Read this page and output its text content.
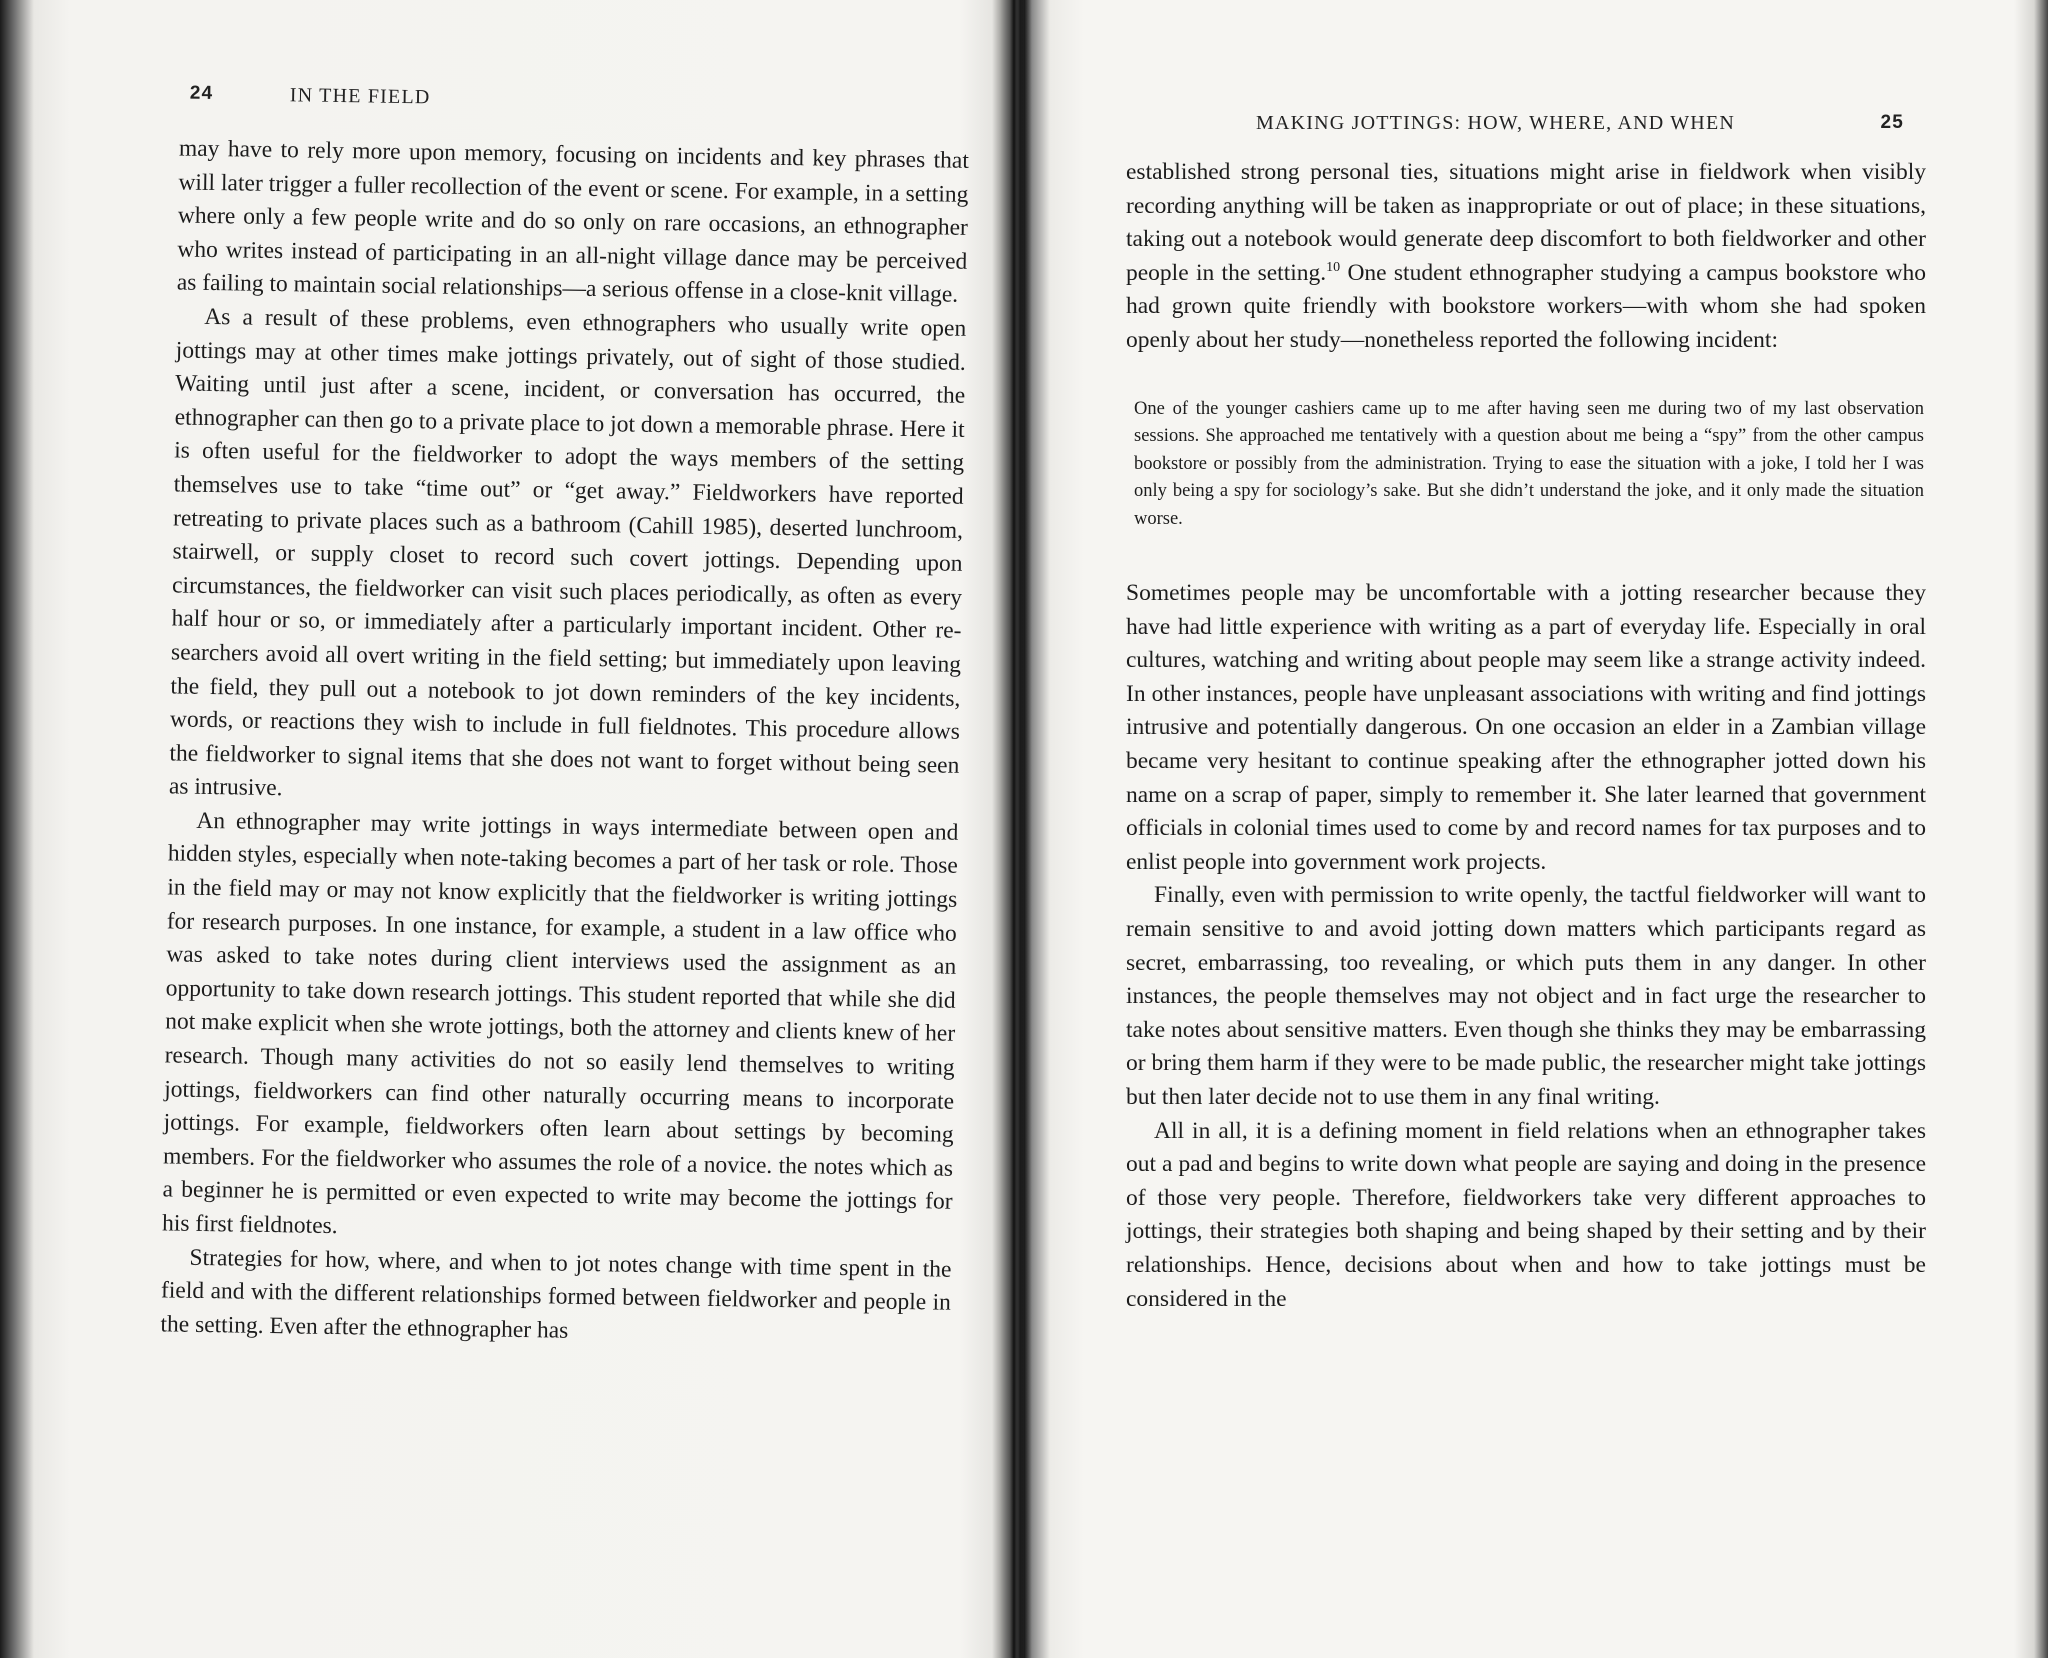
24	IN THE FIELD

may have to rely more upon memory, focusing on incidents and key phrases that will later trigger a fuller recollection of the event or scene. For example, in a setting where only a few people write and do so only on rare occasions, an ethnographer who writes instead of participating in an all-night village dance may be perceived as failing to maintain social relationships—a serious offense in a close-knit village.

As a result of these problems, even ethnographers who usually write open jottings may at other times make jottings privately, out of sight of those studied. Waiting until just after a scene, incident, or conversation has occurred, the ethnographer can then go to a private place to jot down a memorable phrase. Here it is often useful for the fieldworker to adopt the ways members of the setting themselves use to take “time out” or “get away.” Fieldworkers have reported retreating to private places such as a bathroom (Cahill 1985), deserted lunchroom, stairwell, or supply closet to record such covert jottings. Depending upon circumstances, the fieldworker can visit such places periodically, as often as every half hour or so, or immediately after a particularly important incident. Other researchers avoid all overt writing in the field setting; but immediately upon leaving the field, they pull out a notebook to jot down reminders of the key incidents, words, or reactions they wish to include in full fieldnotes. This procedure allows the fieldworker to signal items that she does not want to forget without being seen as intrusive.

An ethnographer may write jottings in ways intermediate between open and hidden styles, especially when note-taking becomes a part of her task or role. Those in the field may or may not know explicitly that the fieldworker is writing jottings for research purposes. In one instance, for example, a student in a law office who was asked to take notes during client interviews used the assignment as an opportunity to take down research jottings. This student reported that while she did not make explicit when she wrote jottings, both the attorney and clients knew of her research. Though many activities do not so easily lend themselves to writing jottings, fieldworkers can find other naturally occurring means to incorporate jottings. For example, fieldworkers often learn about settings by becoming members. For the fieldworker who assumes the role of a novice. the notes which as a beginner he is permitted or even expected to write may become the jottings for his first fieldnotes.

Strategies for how, where, and when to jot notes change with time spent in the field and with the different relationships formed between fieldworker and people in the setting. Even after the ethnographer has

MAKING JOTTINGS: HOW, WHERE, AND WHEN	25

established strong personal ties, situations might arise in fieldwork when visibly recording anything will be taken as inappropriate or out of place; in these situations, taking out a notebook would generate deep discomfort to both fieldworker and other people in the setting.$^{10}$ One student ethnographer studying a campus bookstore who had grown quite friendly with bookstore workers—with whom she had spoken openly about her study—nonetheless reported the following incident:

One of the younger cashiers came up to me after having seen me during two of my last observation sessions. She approached me tentatively with a question about me being a “spy” from the other campus bookstore or possibly from the administration. Trying to ease the situation with a joke, I told her I was only being a spy for sociology’s sake. But she didn’t understand the joke, and it only made the situation worse.

Sometimes people may be uncomfortable with a jotting researcher because they have had little experience with writing as a part of everyday life. Especially in oral cultures, watching and writing about people may seem like a strange activity indeed. In other instances, people have unpleasant associations with writing and find jottings intrusive and potentially dangerous. On one occasion an elder in a Zambian village became very hesitant to continue speaking after the ethnographer jotted down his name on a scrap of paper, simply to remember it. She later learned that government officials in colonial times used to come by and record names for tax purposes and to enlist people into government work projects.

Finally, even with permission to write openly, the tactful fieldworker will want to remain sensitive to and avoid jotting down matters which participants regard as secret, embarrassing, too revealing, or which puts them in any danger. In other instances, the people themselves may not object and in fact urge the researcher to take notes about sensitive matters. Even though she thinks they may be embarrassing or bring them harm if they were to be made public, the researcher might take jottings but then later decide not to use them in any final writing.

All in all, it is a defining moment in field relations when an ethnographer takes out a pad and begins to write down what people are saying and doing in the presence of those very people. Therefore, fieldworkers take very different approaches to jottings, their strategies both shaping and being shaped by their setting and by their relationships. Hence, decisions about when and how to take jottings must be considered in the
